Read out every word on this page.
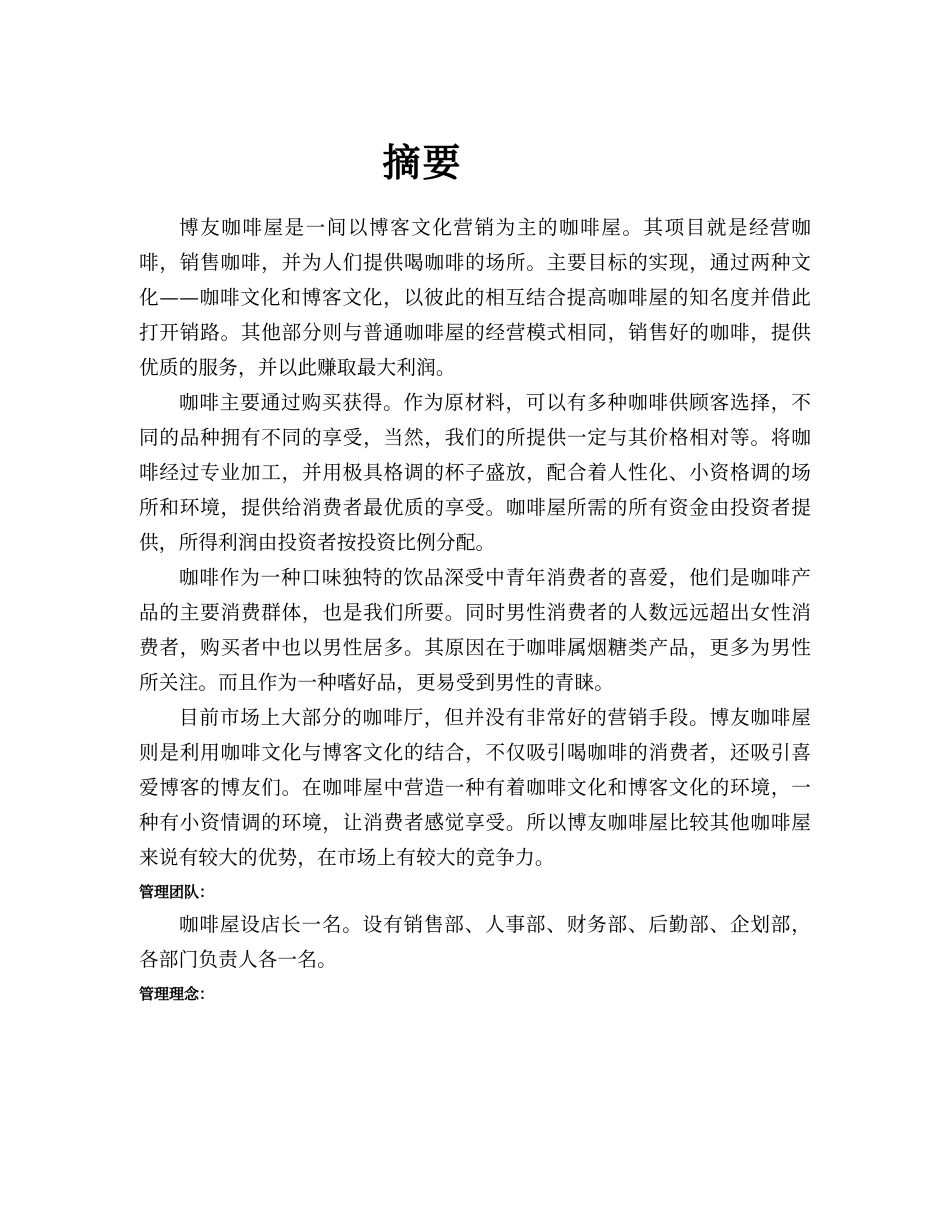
摘要

博友咖啡屋是一间以博客文化营销为主的咖啡屋。其项目就是经营咖啡，销售咖啡，并为人们提供喝咖啡的场所。主要目标的实现，通过两种文化——咖啡文化和博客文化，以彼此的相互结合提高咖啡屋的知名度并借此打开销路。其他部分则与普通咖啡屋的经营模式相同，销售好的咖啡，提供优质的服务，并以此赚取最大利润。

咖啡主要通过购买获得。作为原材料，可以有多种咖啡供顾客选择，不同的品种拥有不同的享受，当然，我们的所提供一定与其价格相对等。将咖啡经过专业加工，并用极具格调的杯子盛放，配合着人性化、小资格调的场所和环境，提供给消费者最优质的享受。咖啡屋所需的所有资金由投资者提供，所得利润由投资者按投资比例分配。

咖啡作为一种口味独特的饮品深受中青年消费者的喜爱，他们是咖啡产品的主要消费群体，也是我们所要。同时男性消费者的人数远远超出女性消费者，购买者中也以男性居多。其原因在于咖啡属烟糖类产品，更多为男性所关注。而且作为一种嗜好品，更易受到男性的青睐。

目前市场上大部分的咖啡厅，但并没有非常好的营销手段。博友咖啡屋则是利用咖啡文化与博客文化的结合，不仅吸引喝咖啡的消费者，还吸引喜爱博客的博友们。在咖啡屋中营造一种有着咖啡文化和博客文化的环境，一种有小资情调的环境，让消费者感觉享受。所以博友咖啡屋比较其他咖啡屋来说有较大的优势，在市场上有较大的竞争力。

管理团队：

咖啡屋设店长一名。设有销售部、人事部、财务部、后勤部、企划部，各部门负责人各一名。

管理理念：
